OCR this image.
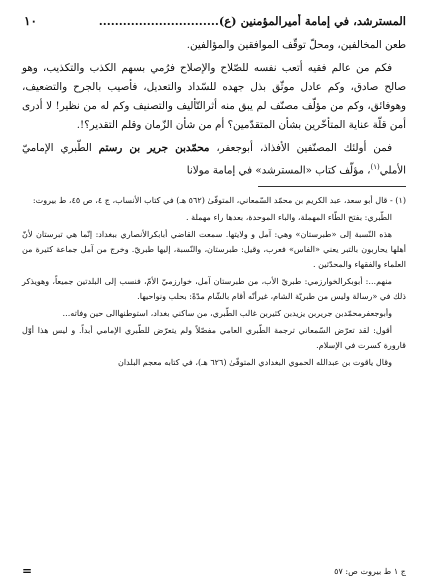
المسترشد، في إمامة أميرالمؤمنين (ع)..............................
١٠

طعن المخالفين، ومحلّ توقّف الموافقين والمؤالفين.

فكم من عالم فقيه أتعب نفسه للصّلاح والإصلاح فرُمي بسهم الكذب والتكذيب، وهو صالح صادق، وكم عادل موثّق بذل جهده للسّداد والتعديل، فأصيب بالجرح والتضعيف، وهوفائق، وكم من مؤلّف مصنّف لم يبق منه أثرالتّأليف والتصنيف وكم له من نظير! لا أدرى أمن قلّة عناية المتأخّرين بشأن المتقدّمين؟ أم من شأن الزّمان وقلم التقدير؟!.

فمن أولئك المصنّفين الأفذاذ، أبوجعفر، محمّدبن جرير بن رستم الطّبري الإماميّ الأملي$^{(١)}$، مؤلّف كتاب «المسترشد» في إمامة مولانا

(١) - قال أبو سعد، عبد الكريم بن محمّد السّمعاني، المتوفّىٰ (٥٦٢ هـ) في كتاب الأنساب، ج ٤، ص ٤٥، ط بيروت:

الطّبري: بفتح الطّاء المهملة، والباء الموحدة، بعدها راء مهملة .

هذه النّسبة إلى «طبرستان» وهي: آمل و ولايتها. سمعت القاضي أبابكرالأنصاري ببغداد: إنّما هي تبرستان لأنّ أهلها يحاربون بالتبر يعني «الفاس» فعرب، وقيل: طبرستان، والنّسبة، إليها طبريّ. وخرج من آمل جماعة كثيرة من العلماء والفقهاء والمحدّثين .

منهم...: أبوبكرالخوارزمي: طبريّ الأب، من طبرستان آمل، خوارزميّ الأمّ، فنسب إلى البلدتين جميعاً، وهويذكر ذلك في «رسالة وليس من طبريّة الشام، غيرأنّه أقام بالشّام مدّةً: بحلب ونواحيها.

وأبوجعفرمحمّدبن جريربن يزيدبن كثيربن غالب الطّبري، من ساكني بغداد، استوطنهاالى حين وفاته...

أقول: لقد تعرّض السّمعاني ترجمة الطّبري العامي مفصّلاً ولم يتعرّض للطّبري الإمامي أبداً. و ليس هذا أوّل قارورة كسرت في الإسلام.

وقال ياقوت بن عبدالله الحموي البغدادي المتوفّىٰ (٦٢٦ هـ)، في كتابه معجم البلدان

ج ١ ط بيروت ص: ٥٧
=
